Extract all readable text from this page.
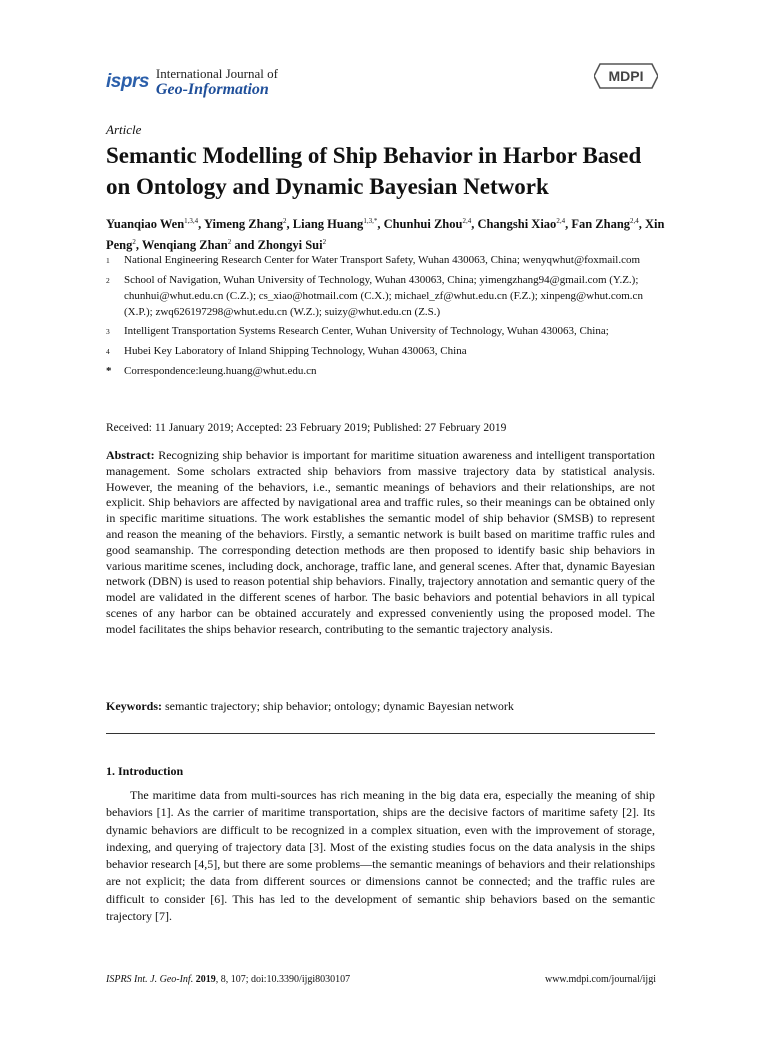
isprs International Journal of
Geo-Information
MDPI
Article
Semantic Modelling of Ship Behavior in Harbor Based on Ontology and Dynamic Bayesian Network
Yuanqiao Wen$^{1,3,4}$, Yimeng Zhang$^2$, Liang Huang$^{1,3,*}$, Chunhui Zhou$^{2,4}$, Changshi Xiao$^{2,4}$, Fan Zhang$^{2,4}$, Xin Peng$^2$, Wenqiang Zhan$^2$ and Zhongyi Sui$^2$
1	National Engineering Research Center for Water Transport Safety, Wuhan 430063, China; wenyqwhut@foxmail.com
2	School of Navigation, Wuhan University of Technology, Wuhan 430063, China; yimengzhang94@gmail.com (Y.Z.); chunhui@whut.edu.cn (C.Z.); cs_xiao@hotmail.com (C.X.); michael_zf@whut.edu.cn (F.Z.); xinpeng@whut.com.cn (X.P.); zwq626197298@whut.edu.cn (W.Z.); suizy@whut.edu.cn (Z.S.)
3	Intelligent Transportation Systems Research Center, Wuhan University of Technology, Wuhan 430063, China;
4	Hubei Key Laboratory of Inland Shipping Technology, Wuhan 430063, China
*	Correspondence:leung.huang@whut.edu.cn
Received: 11 January 2019; Accepted: 23 February 2019; Published: 27 February 2019

Abstract: Recognizing ship behavior is important for maritime situation awareness and intelligent transportation management. Some scholars extracted ship behaviors from massive trajectory data by statistical analysis. However, the meaning of the behaviors, i.e., semantic meanings of behaviors and their relationships, are not explicit. Ship behaviors are affected by navigational area and traffic rules, so their meanings can be obtained only in specific maritime situations. The work establishes the semantic model of ship behavior (SMSB) to represent and reason the meaning of the behaviors. Firstly, a semantic network is built based on maritime traffic rules and good seamanship. The corresponding detection methods are then proposed to identify basic ship behaviors in various maritime scenes, including dock, anchorage, traffic lane, and general scenes. After that, dynamic Bayesian network (DBN) is used to reason potential ship behaviors. Finally, trajectory annotation and semantic query of the model are validated in the different scenes of harbor. The basic behaviors and potential behaviors in all typical scenes of any harbor can be obtained accurately and expressed conveniently using the proposed model. The model facilitates the ships behavior research, contributing to the semantic trajectory analysis.

Keywords: semantic trajectory; ship behavior; ontology; dynamic Bayesian network

1. Introduction

The maritime data from multi-sources has rich meaning in the big data era, especially the meaning of ship behaviors [1]. As the carrier of maritime transportation, ships are the decisive factors of maritime safety [2]. Its dynamic behaviors are difficult to be recognized in a complex situation, even with the improvement of storage, indexing, and querying of trajectory data [3]. Most of the existing studies focus on the data analysis in the ships behavior research [4,5], but there are some problems—the semantic meanings of behaviors and their relationships are not explicit; the data from different sources or dimensions cannot be connected; and the traffic rules are difficult to consider [6]. This has led to the development of semantic ship behaviors based on the semantic trajectory [7].

ISPRS Int. J. Geo-Inf. 2019, 8, 107; doi:10.3390/ijgi8030107	www.mdpi.com/journal/ijgi
